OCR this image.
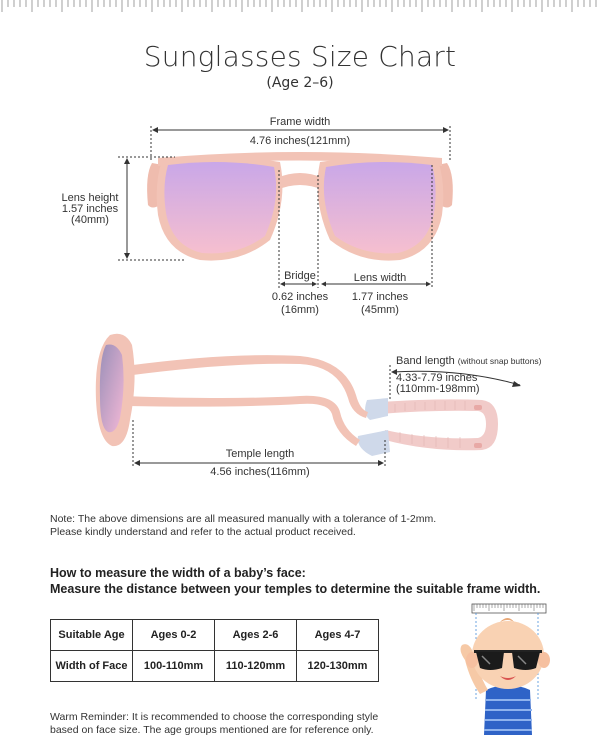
Sunglasses Size Chart
(Age 2–6)
Frame width
4.76 inches(121mm)
Lens height
1.57 inches
(40mm)
Bridge
0.62 inches
(16mm)
Lens width
1.77 inches
(45mm)
Band length (without snap buttons)
4.33-7.79 inches
(110mm-198mm)
Temple length
4.56 inches(116mm)
Note: The above dimensions are all measured manually with a tolerance of 1-2mm.
Please kindly understand and refer to the actual product received.
How to measure the width of a baby’s face:
Measure the distance between your temples to determine the suitable frame width.
Suitable Age	Ages 0-2	Ages 2-6	Ages 4-7
Width of Face	100-110mm	110-120mm	120-130mm
Warm Reminder: It is recommended to choose the corresponding style
based on face size. The age groups mentioned are for reference only.
